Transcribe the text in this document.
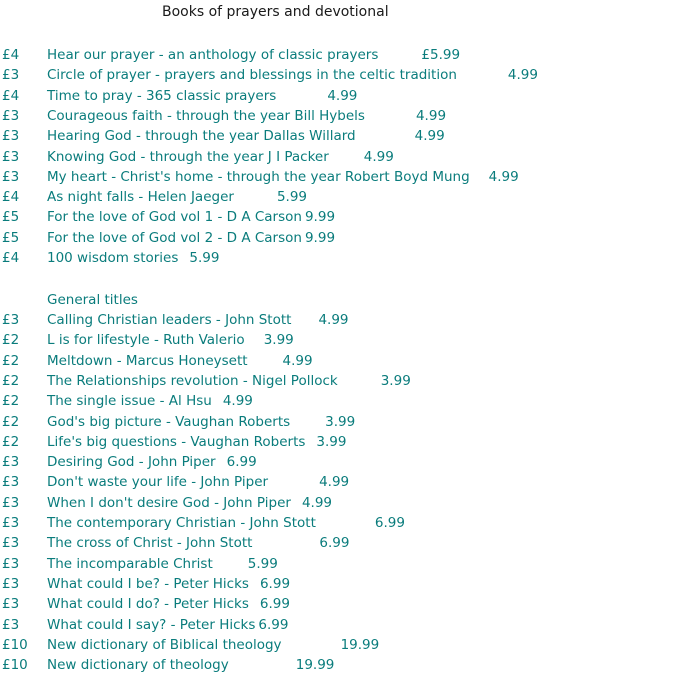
Books of prayers and devotional
£4 Hear our prayer - an anthology of classic prayers	£5.99
£3 Circle of prayer - prayers and blessings in the celtic tradition	4.99
£4 Time to pray - 365 classic prayers	4.99
£3 Courageous faith - through the year Bill Hybels	4.99
£3 Hearing God - through the year Dallas Willard	4.99
£3 Knowing God - through the year J I Packer	4.99
£3 My heart - Christ's home - through the year Robert Boyd Mung 4.99
£4 As night falls - Helen Jaeger	5.99
£5 For the love of God vol 1 - D A Carson 9.99
£5 For the love of God vol 2 - D A Carson 9.99
£4 100 wisdom stories 5.99
General titles
£3 Calling Christian leaders - John Stott 4.99
£2 L is for lifestyle - Ruth Valerio 3.99
£2 Meltdown - Marcus Honeysett	4.99
£2 The Relationships revolution - Nigel Pollock	3.99
£2 The single issue - Al Hsu 4.99
£2 God's big picture - Vaughan Roberts	3.99
£2 Life's big questions - Vaughan Roberts 3.99
£3 Desiring God - John Piper 6.99
£3 Don't waste your life - John Piper	4.99
£3 When I don't desire God - John Piper 4.99
£3 The contemporary Christian - John Stott	6.99
£3 The cross of Christ - John Stott	6.99
£3 The incomparable Christ	5.99
£3 What could I be? - Peter Hicks 6.99
£3 What could I do? - Peter Hicks 6.99
£3 What could I say? - Peter Hicks 6.99
£10 New dictionary of Biblical theology	19.99
£10 New dictionary of theology	19.99
